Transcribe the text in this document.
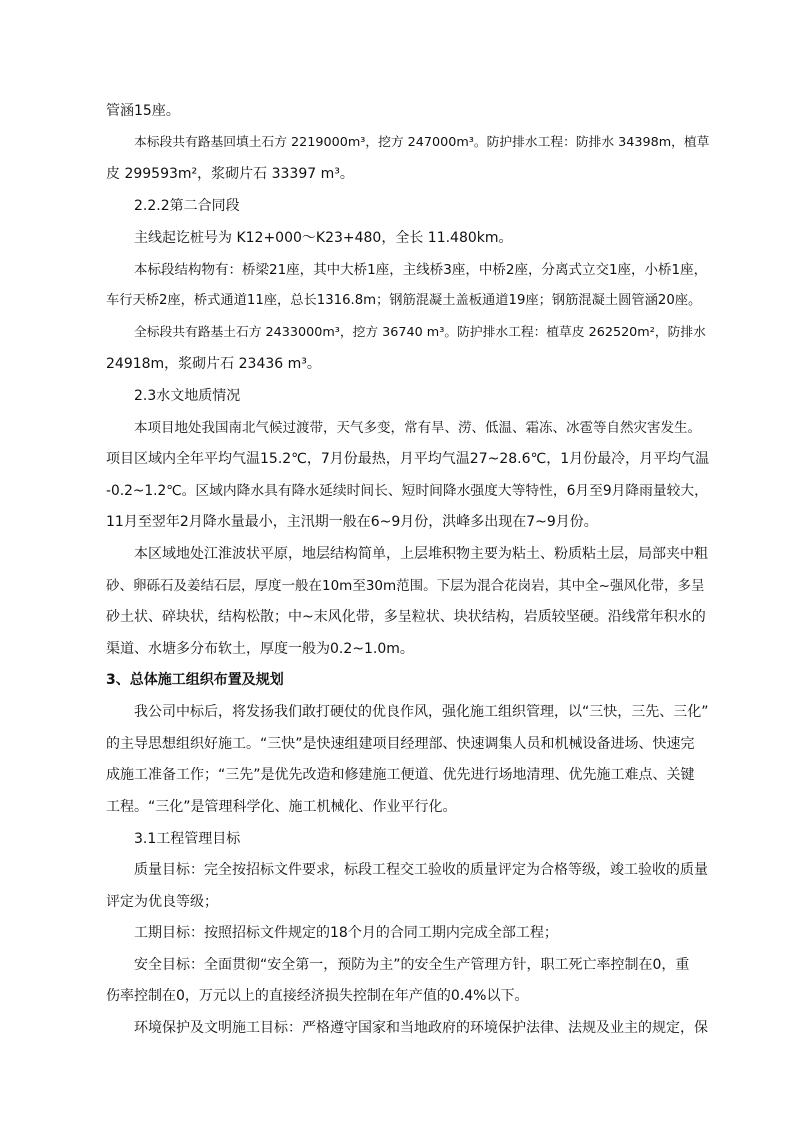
管涵15座。
本标段共有路基回填土石方 2219000m³，挖方 247000m³。防护排水工程：防排水 34398m，植草
皮 299593m²，浆砌片石 33397 m³。
2.2.2第二合同段
主线起讫桩号为 K12+000～K23+480，全长 11.480km。
本标段结构物有：桥梁21座，其中大桥1座，主线桥3座，中桥2座，分离式立交1座，小桥1座，
车行天桥2座，桥式通道11座，总长1316.8m；钢筋混凝土盖板通道19座；钢筋混凝土圆管涵20座。
全标段共有路基土石方 2433000m³，挖方 36740 m³。防护排水工程：植草皮 262520m²，防排水
24918m，浆砌片石 23436 m³。
2.3水文地质情况
本项目地处我国南北气候过渡带，天气多变，常有旱、涝、低温、霜冻、冰雹等自然灾害发生。
项目区域内全年平均气温15.2℃，7月份最热，月平均气温27~28.6℃，1月份最冷，月平均气温
-0.2~1.2℃。区域内降水具有降水延续时间长、短时间降水强度大等特性，6月至9月降雨量较大，
11月至翌年2月降水量最小，主汛期一般在6~9月份，洪峰多出现在7~9月份。
本区域地处江淮波状平原，地层结构简单，上层堆积物主要为粘土、粉质粘土层，局部夹中粗
砂、卵砾石及姜结石层，厚度一般在10m至30m范围。下层为混合花岗岩，其中全~强风化带，多呈
砂土状、碎块状，结构松散；中~末风化带，多呈粒状、块状结构，岩质较坚硬。沿线常年积水的
渠道、水塘多分布软土，厚度一般为0.2~1.0m。
3、总体施工组织布置及规划
我公司中标后，将发扬我们敢打硬仗的优良作风，强化施工组织管理，以“三快，三先、三化”
的主导思想组织好施工。“三快”是快速组建项目经理部、快速调集人员和机械设备进场、快速完
成施工准备工作；“三先”是优先改造和修建施工便道、优先进行场地清理、优先施工难点、关键
工程。“三化”是管理科学化、施工机械化、作业平行化。
3.1工程管理目标
质量目标：完全按招标文件要求，标段工程交工验收的质量评定为合格等级，竣工验收的质量
评定为优良等级；
工期目标：按照招标文件规定的18个月的合同工期内完成全部工程；
安全目标：全面贯彻“安全第一，预防为主”的安全生产管理方针，职工死亡率控制在0，重
伤率控制在0，万元以上的直接经济损失控制在年产值的0.4%以下。
环境保护及文明施工目标：严格遵守国家和当地政府的环境保护法律、法规及业主的规定，保
